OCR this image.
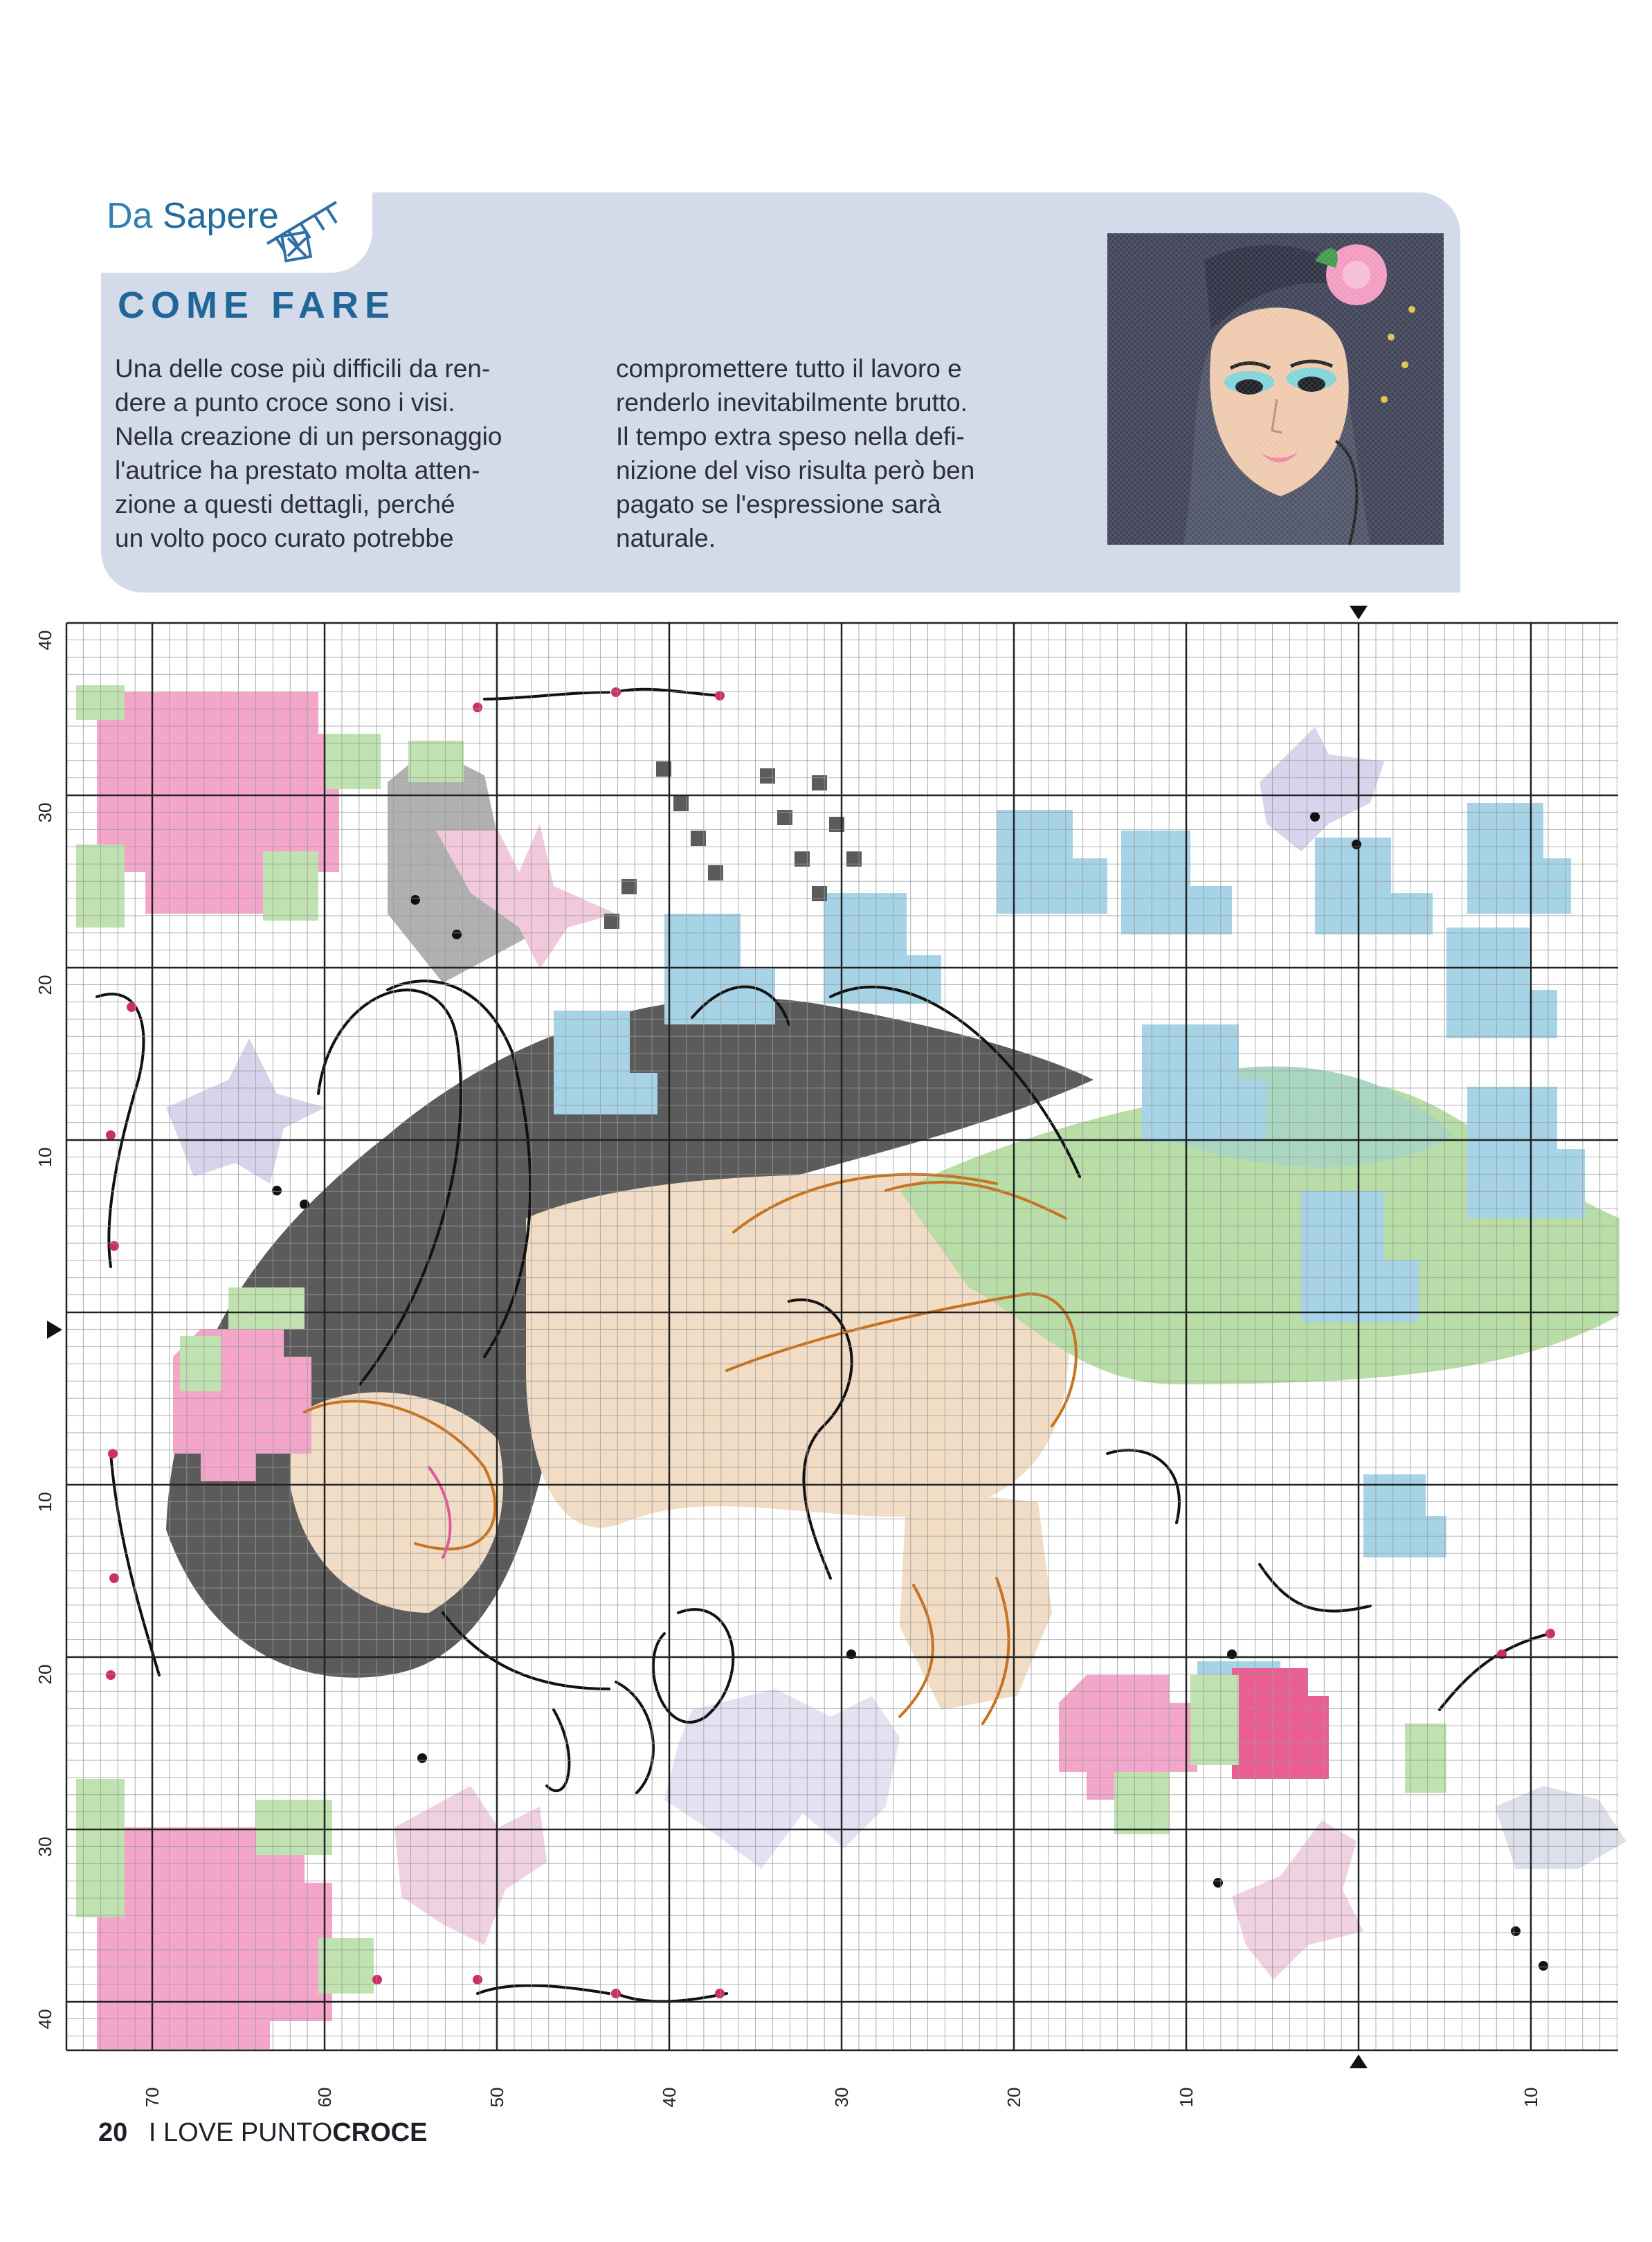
Da Sapere
COME FARE
Una delle cose più difficili da ren-
dere a punto croce sono i visi.
Nella creazione di un personaggio
l'autrice ha prestato molta atten-
zione a questi dettagli, perché
un volto poco curato potrebbe
compromettere tutto il lavoro e
renderlo inevitabilmente brutto.
Il tempo extra speso nella defi-
nizione del viso risulta però ben
pagato se l'espressione sarà
naturale.
40
30
20
10
10
20
30
40
70	60	50	40	30	20	10	10
20 I LOVE PUNTOCROCE
